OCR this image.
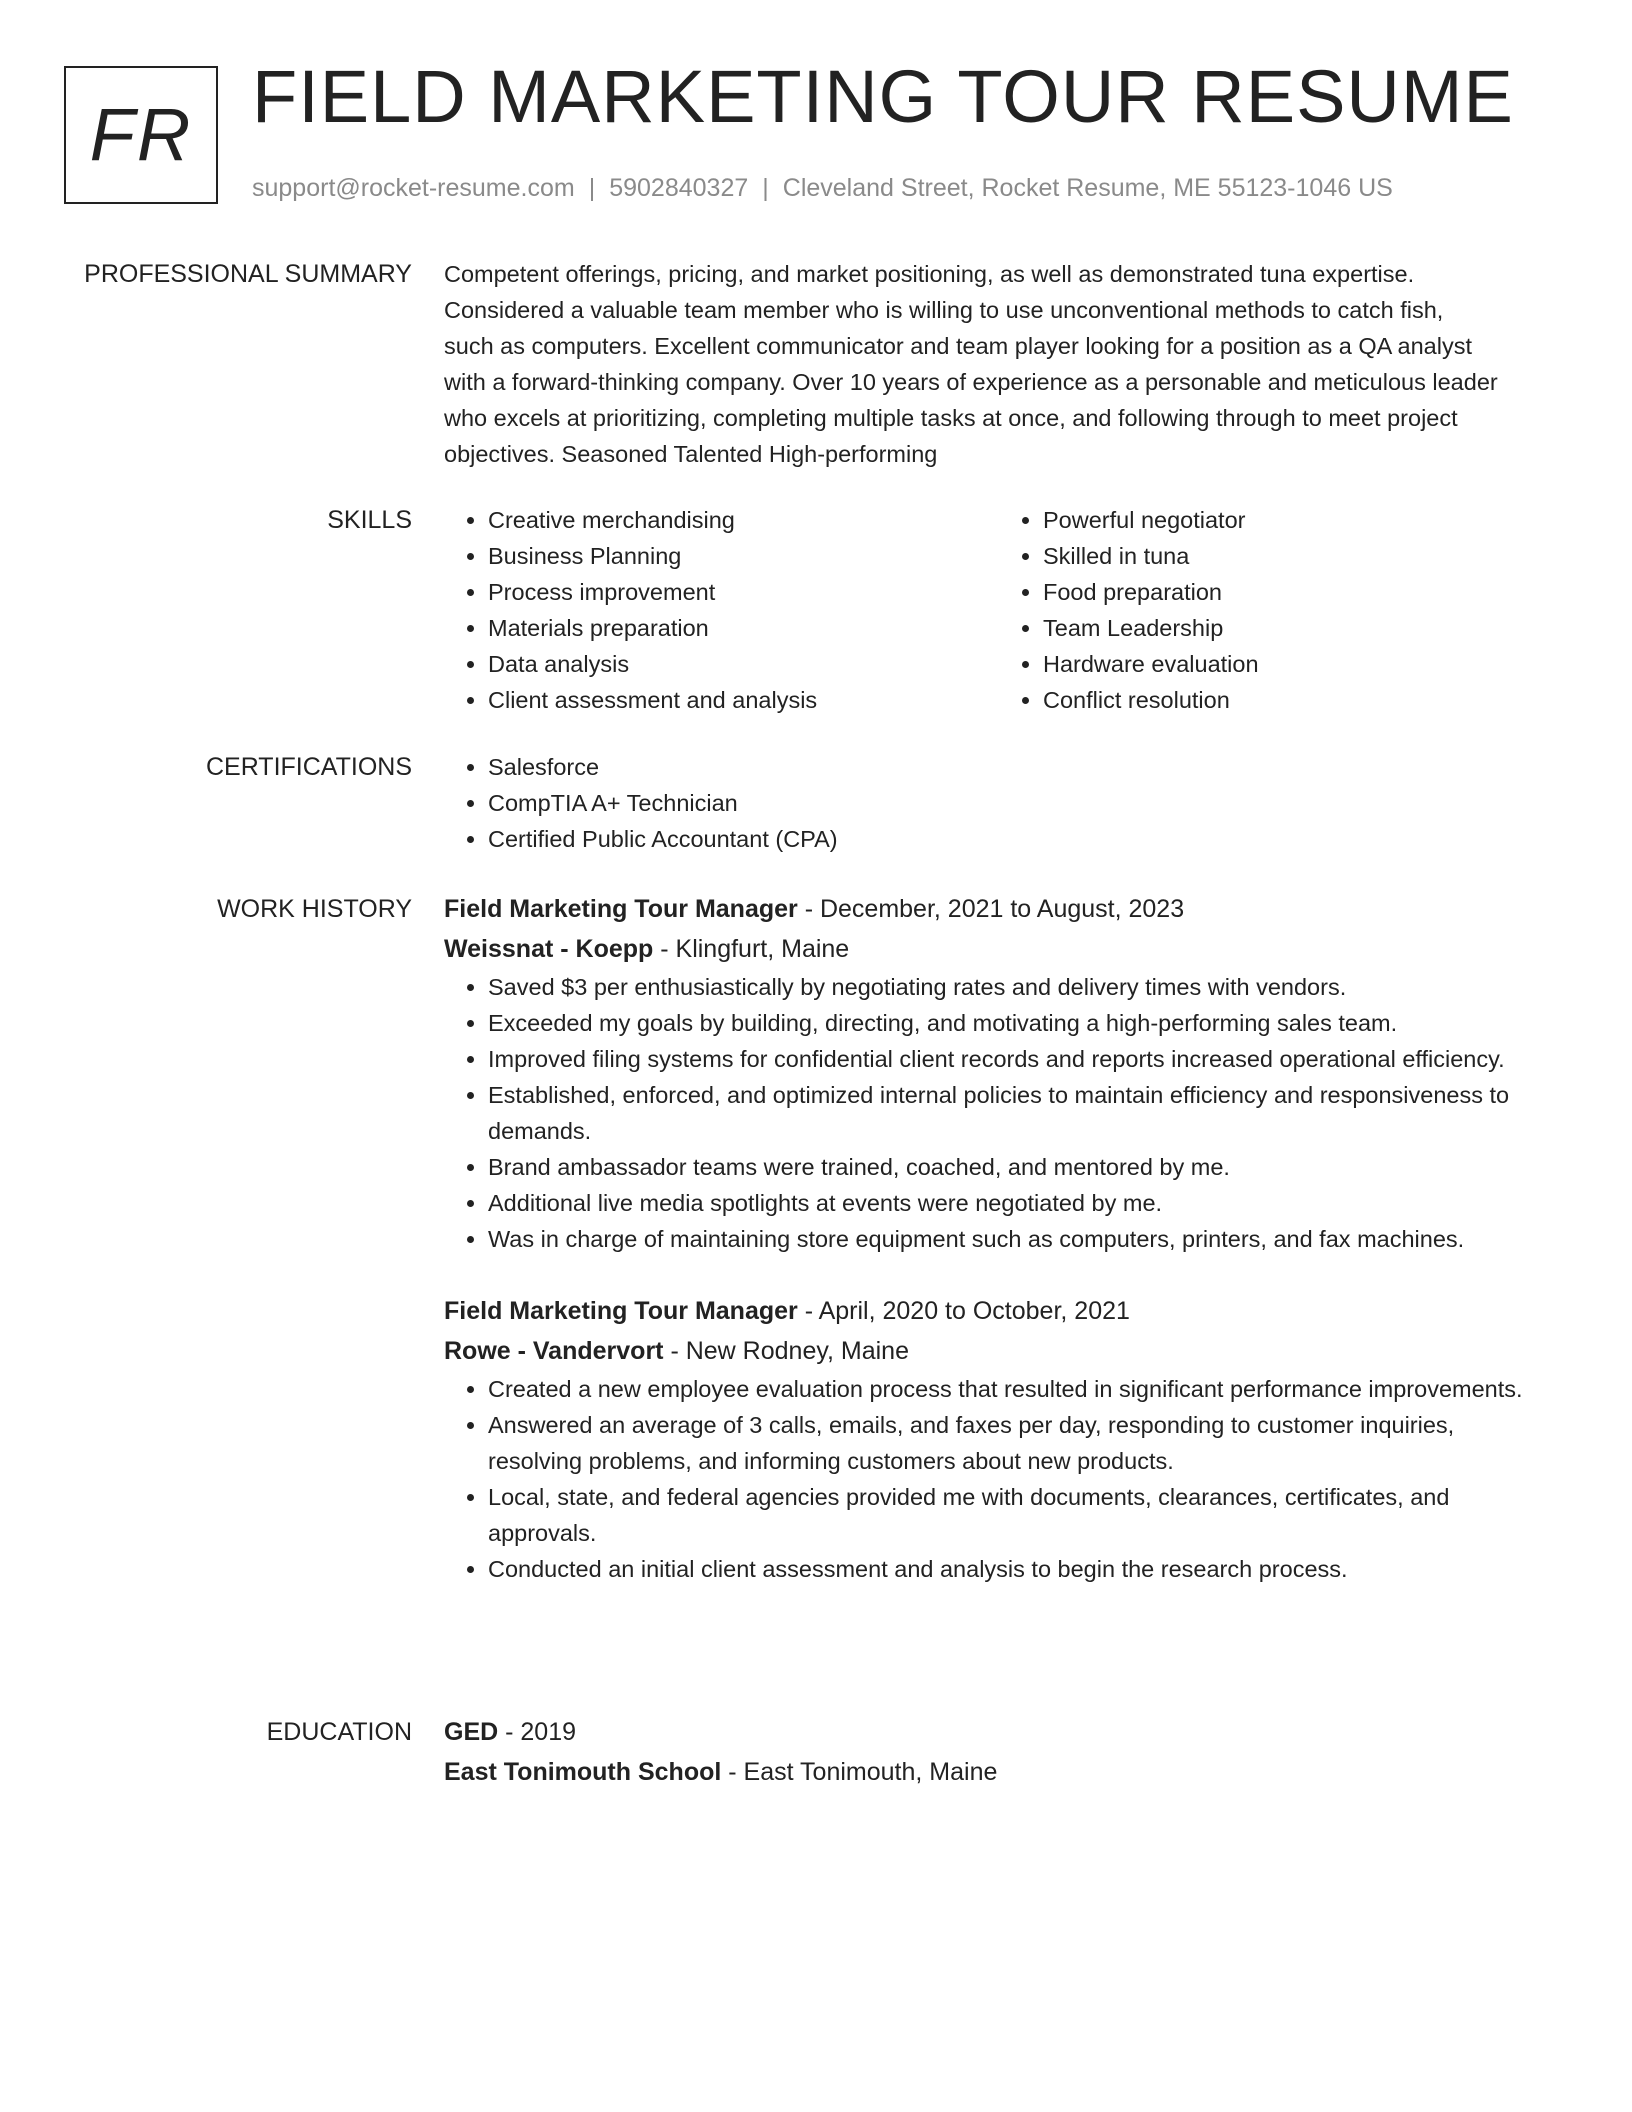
FR FIELD MARKETING TOUR RESUME
support@rocket-resume.com | 5902840327 | Cleveland Street, Rocket Resume, ME 55123-1046 US
PROFESSIONAL SUMMARY Competent offerings, pricing, and market positioning, as well as demonstrated tuna expertise.
Considered a valuable team member who is willing to use unconventional methods to catch fish,
such as computers. Excellent communicator and team player looking for a position as a QA analyst
with a forward-thinking company. Over 10 years of experience as a personable and meticulous leader
who excels at prioritizing, completing multiple tasks at once, and following through to meet project
objectives. Seasoned Talented High-performing
SKILLS	• Creative merchandising
• Business Planning
• Process improvement
• Materials preparation
• Data analysis
• Client assessment and analysis
• Powerful negotiator
• Skilled in tuna
• Food preparation
• Team Leadership
• Hardware evaluation
• Conflict resolution
CERTIFICATIONS	• Salesforce
• CompTIA A+ Technician
• Certified Public Accountant (CPA)
WORK HISTORY Field Marketing Tour Manager - December, 2021 to August, 2023
Weissnat - Koepp - Klingfurt, Maine
• Saved $3 per enthusiastically by negotiating rates and delivery times with vendors.
• Exceeded my goals by building, directing, and motivating a high-performing sales team.
• Improved filing systems for confidential client records and reports increased operational efficiency.
• Established, enforced, and optimized internal policies to maintain efficiency and responsiveness to demands.
• Brand ambassador teams were trained, coached, and mentored by me.
• Additional live media spotlights at events were negotiated by me.
• Was in charge of maintaining store equipment such as computers, printers, and fax machines.
Field Marketing Tour Manager - April, 2020 to October, 2021
Rowe - Vandervort - New Rodney, Maine
• Created a new employee evaluation process that resulted in significant performance improvements.
• Answered an average of 3 calls, emails, and faxes per day, responding to customer inquiries, resolving problems, and informing customers about new products.
• Local, state, and federal agencies provided me with documents, clearances, certificates, and approvals.
• Conducted an initial client assessment and analysis to begin the research process.
EDUCATION GED - 2019
East Tonimouth School - East Tonimouth, Maine
